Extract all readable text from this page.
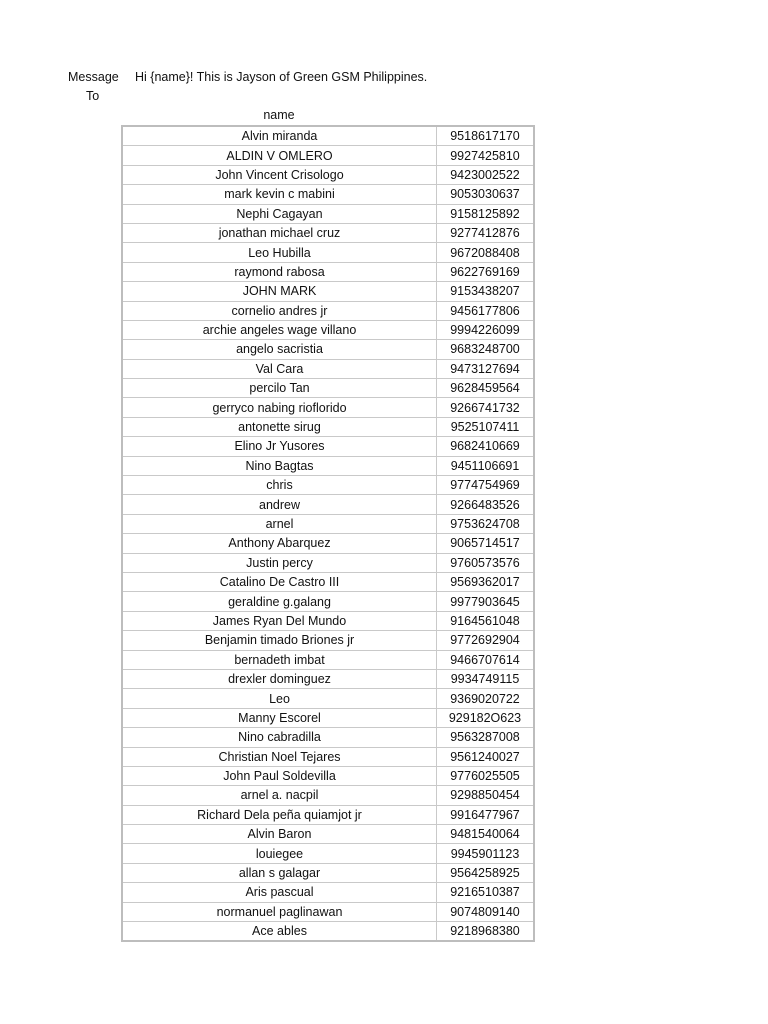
Message
To
Hi {name}! This is Jayson of Green GSM Philippines.
name
Alvin miranda	9518617170
ALDIN V OMLERO	9927425810
John Vincent Crisologo	9423002522
mark kevin c mabini	9053030637
Nephi Cagayan	9158125892
jonathan michael cruz	9277412876
Leo Hubilla	9672088408
raymond rabosa	9622769169
JOHN MARK	9153438207
cornelio andres jr	9456177806
archie angeles wage villano	9994226099
angelo sacristia	9683248700
Val Cara	9473127694
percilo Tan	9628459564
gerryco nabing rioflorido	9266741732
antonette sirug	9525107411
Elino Jr Yusores	9682410669
Nino Bagtas	9451106691
chris	9774754969
andrew	9266483526
arnel	9753624708
Anthony Abarquez	9065714517
Justin percy	9760573576
Catalino De Castro III	9569362017
geraldine g.galang	9977903645
James Ryan Del Mundo	9164561048
Benjamin timado Briones jr	9772692904
bernadeth imbat	9466707614
drexler dominguez	9934749115
Leo	9369020722
Manny Escorel	929182O623
Nino cabradilla	9563287008
Christian Noel Tejares	9561240027
John Paul Soldevilla	9776025505
arnel a. nacpil	9298850454
Richard Dela peña quiamjot jr	9916477967
Alvin Baron	9481540064
louiegee	9945901123
allan s galagar	9564258925
Aris pascual	9216510387
normanuel paglinawan	9074809140
Ace ables	9218968380
